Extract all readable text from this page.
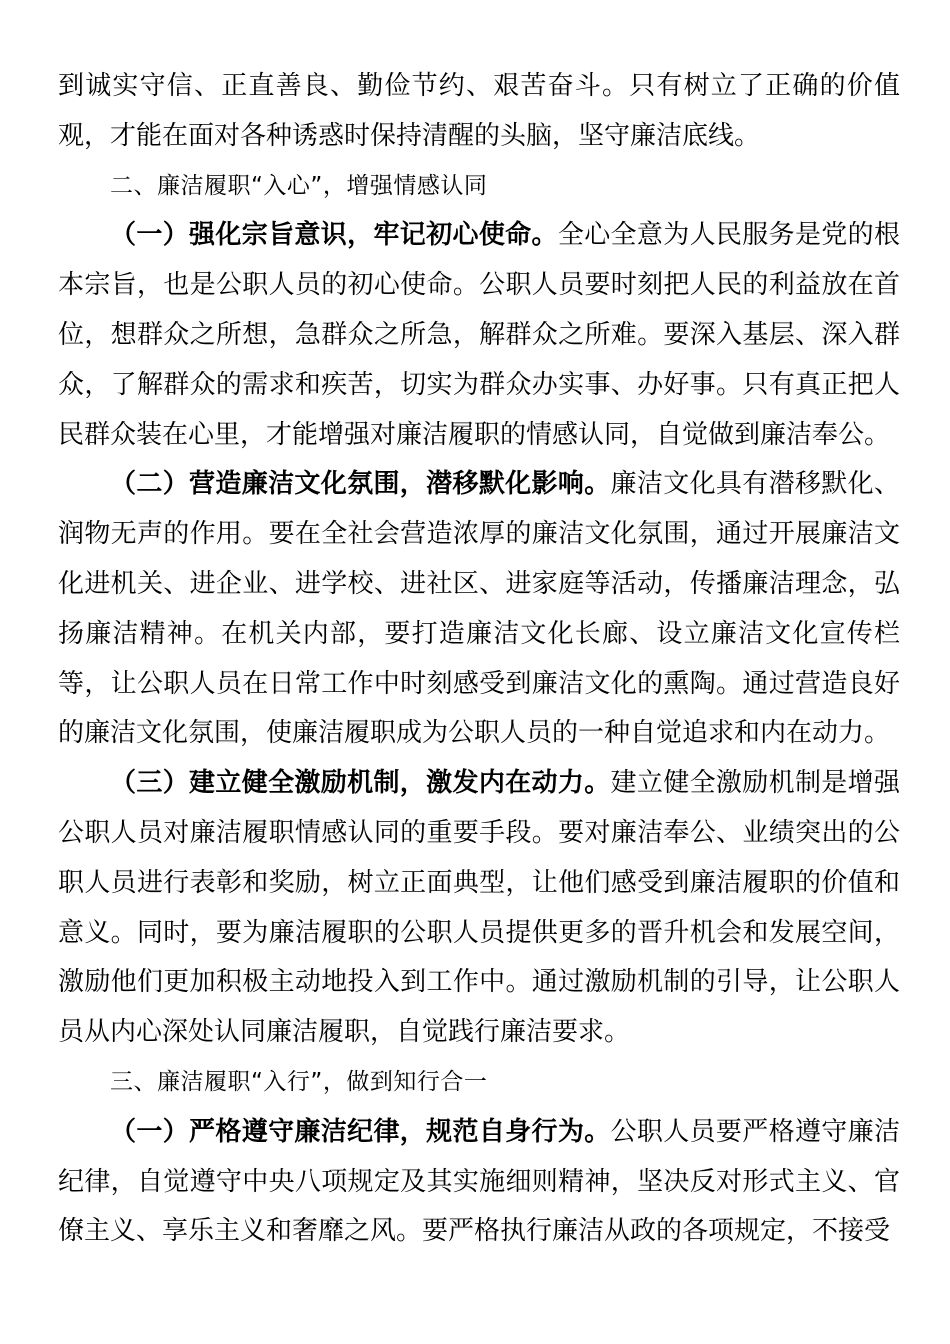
到诚实守信、正直善良、勤俭节约、艰苦奋斗。只有树立了正确的价值观，才能在面对各种诱惑时保持清醒的头脑，坚守廉洁底线。

二、廉洁履职“入心”，增强情感认同

（一）强化宗旨意识，牢记初心使命。全心全意为人民服务是党的根本宗旨，也是公职人员的初心使命。公职人员要时刻把人民的利益放在首位，想群众之所想，急群众之所急，解群众之所难。要深入基层、深入群众，了解群众的需求和疾苦，切实为群众办实事、办好事。只有真正把人民群众装在心里，才能增强对廉洁履职的情感认同，自觉做到廉洁奉公。

（二）营造廉洁文化氛围，潜移默化影响。廉洁文化具有潜移默化、润物无声的作用。要在全社会营造浓厚的廉洁文化氛围，通过开展廉洁文化进机关、进企业、进学校、进社区、进家庭等活动，传播廉洁理念，弘扬廉洁精神。在机关内部，要打造廉洁文化长廊、设立廉洁文化宣传栏等，让公职人员在日常工作中时刻感受到廉洁文化的熏陶。通过营造良好的廉洁文化氛围，使廉洁履职成为公职人员的一种自觉追求和内在动力。

（三）建立健全激励机制，激发内在动力。建立健全激励机制是增强公职人员对廉洁履职情感认同的重要手段。要对廉洁奉公、业绩突出的公职人员进行表彰和奖励，树立正面典型，让他们感受到廉洁履职的价值和意义。同时，要为廉洁履职的公职人员提供更多的晋升机会和发展空间，激励他们更加积极主动地投入到工作中。通过激励机制的引导，让公职人员从内心深处认同廉洁履职，自觉践行廉洁要求。

三、廉洁履职“入行”，做到知行合一

（一）严格遵守廉洁纪律，规范自身行为。公职人员要严格遵守廉洁纪律，自觉遵守中央八项规定及其实施细则精神，坚决反对形式主义、官僚主义、享乐主义和奢靡之风。要严格执行廉洁从政的各项规定，不接受
